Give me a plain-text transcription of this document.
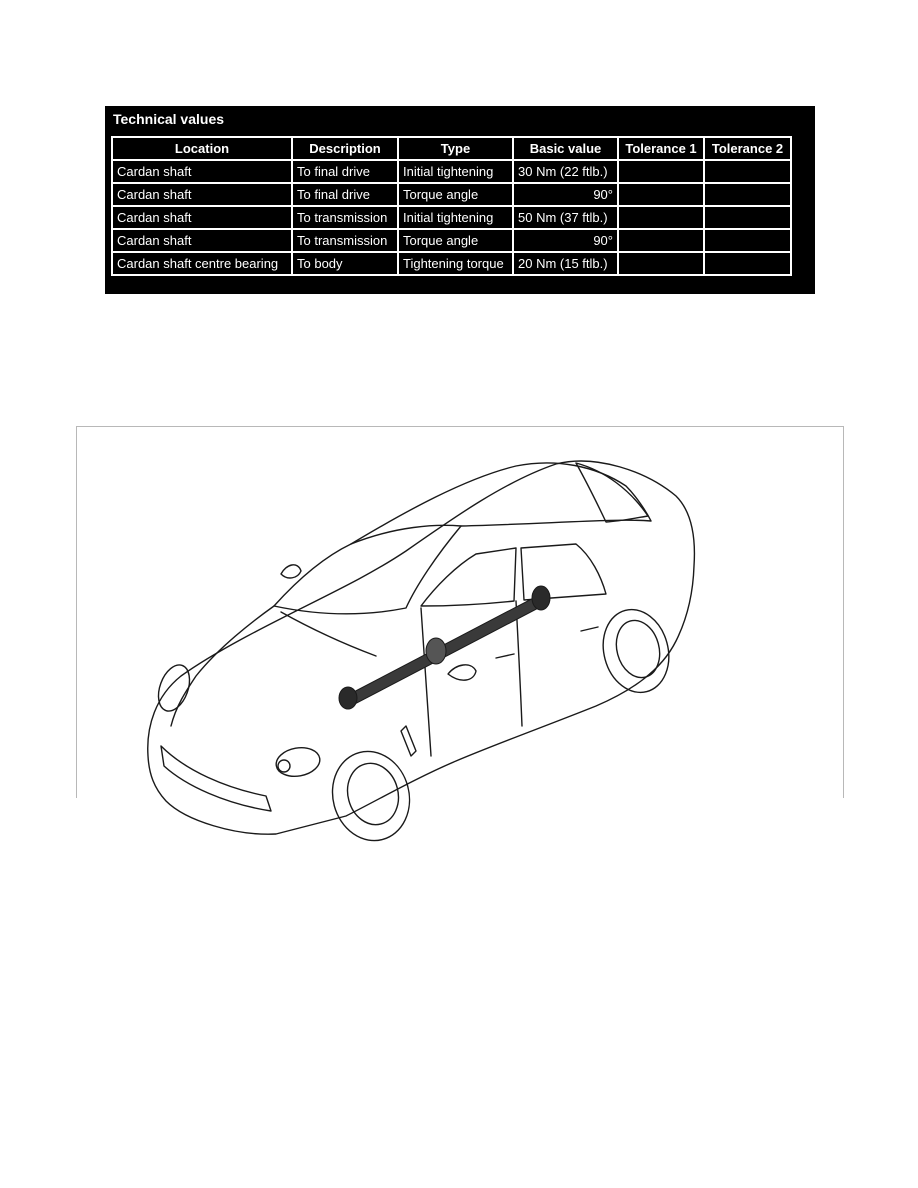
Technical values
Location	Description	Type	Basic value	Tolerance 1	Tolerance 2
Cardan shaft	To final drive	Initial tightening	30 Nm (22 ftlb.)		
Cardan shaft	To final drive	Torque angle	90°		
Cardan shaft	To transmission	Initial tightening	50 Nm (37 ftlb.)		
Cardan shaft	To transmission	Torque angle	90°		
Cardan shaft centre bearing	To body	Tightening torque	20 Nm (15 ftlb.)		
